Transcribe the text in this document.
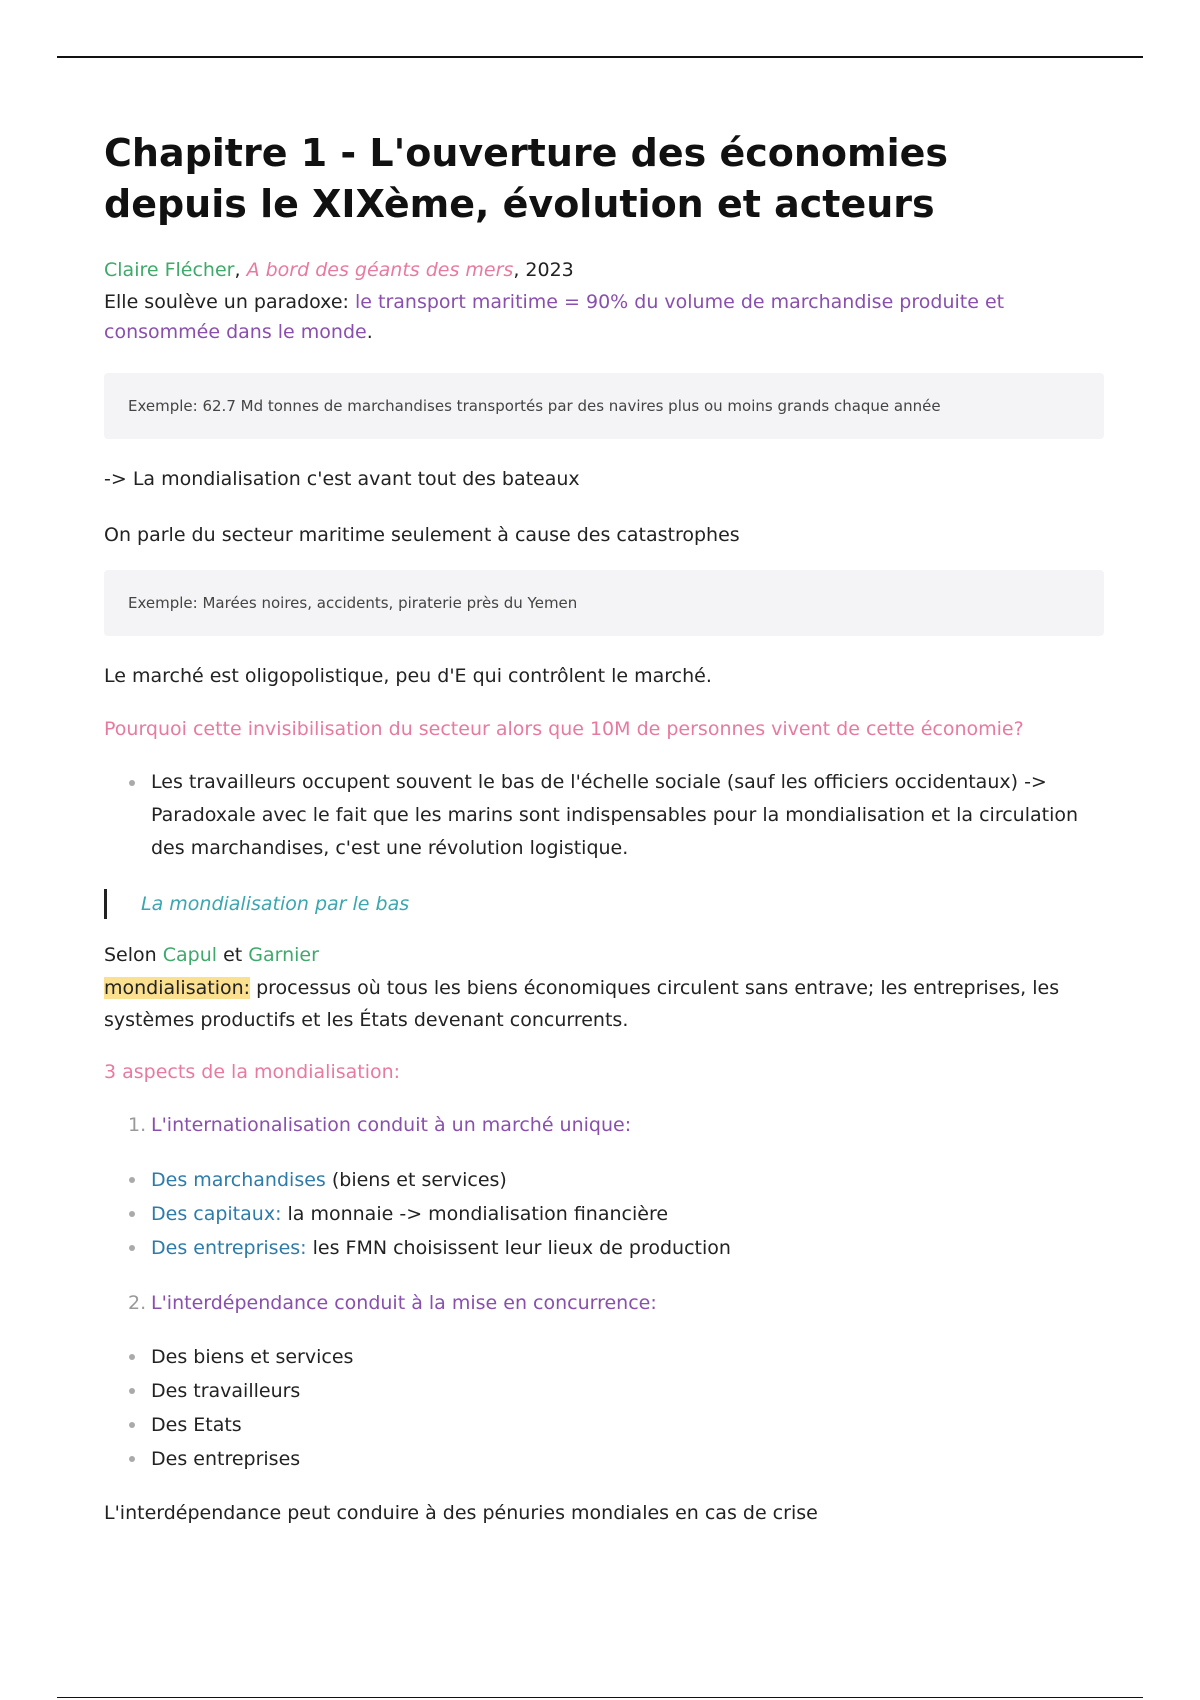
Chapitre 1 - L'ouverture des économies depuis le XIXème, évolution et acteurs
Claire Flécher, A bord des géants des mers, 2023
Elle soulève un paradoxe: le transport maritime = 90% du volume de marchandise produite et consommée dans le monde.
Exemple: 62.7 Md tonnes de marchandises transportés par des navires plus ou moins grands chaque année
-> La mondialisation c'est avant tout des bateaux
On parle du secteur maritime seulement à cause des catastrophes
Exemple: Marées noires, accidents, piraterie près du Yemen
Le marché est oligopolistique, peu d'E qui contrôlent le marché.
Pourquoi cette invisibilisation du secteur alors que 10M de personnes vivent de cette économie?
Les travailleurs occupent souvent le bas de l'échelle sociale (sauf les officiers occidentaux) -> Paradoxale avec le fait que les marins sont indispensables pour la mondialisation et la circulation des marchandises, c'est une révolution logistique.
La mondialisation par le bas
Selon Capul et Garnier
mondialisation: processus où tous les biens économiques circulent sans entrave; les entreprises, les systèmes productifs et les États devenant concurrents.
3 aspects de la mondialisation:
1. L'internationalisation conduit à un marché unique:
Des marchandises (biens et services)
Des capitaux: la monnaie -> mondialisation financière
Des entreprises: les FMN choisissent leur lieux de production
2. L'interdépendance conduit à la mise en concurrence:
Des biens et services
Des travailleurs
Des Etats
Des entreprises
L'interdépendance peut conduire à des pénuries mondiales en cas de crise
